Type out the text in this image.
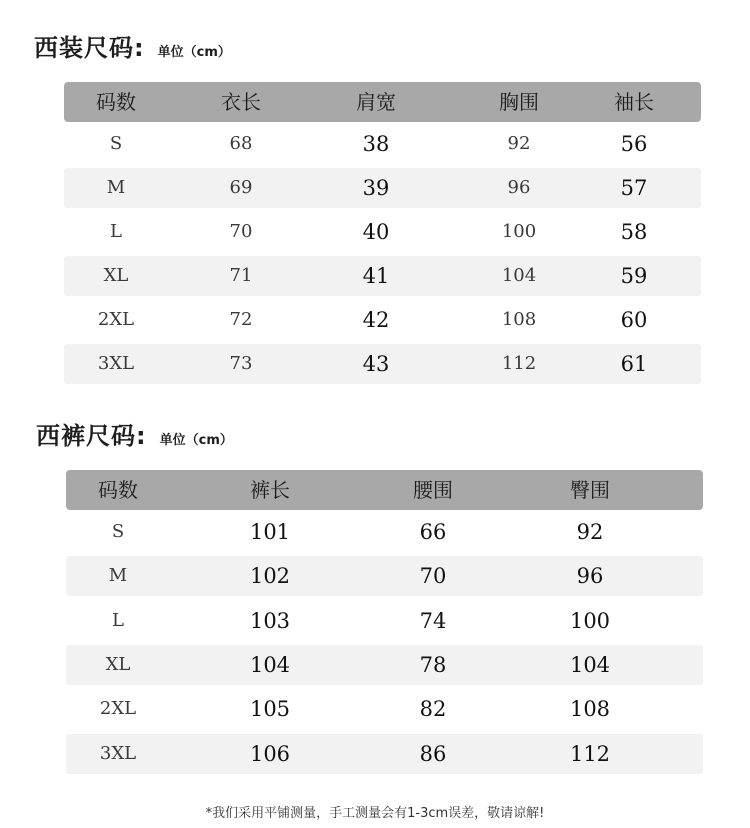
西装尺码 : 单位（cm）
码数	衣长	肩宽	胸围	袖长
S	68	38	92	56
M	69	39	96	57
L	70	40	100	58
XL	71	41	104	59
2XL	72	42	108	60
3XL	73	43	112	61
西裤尺码 : 单位（cm）
码数	裤长	腰围	臀围
S	101	66	92
M	102	70	96
L	103	74	100
XL	104	78	104
2XL	105	82	108
3XL	106	86	112
*我们采用平铺测量，手工测量会有1-3cm误差，敬请谅解!
